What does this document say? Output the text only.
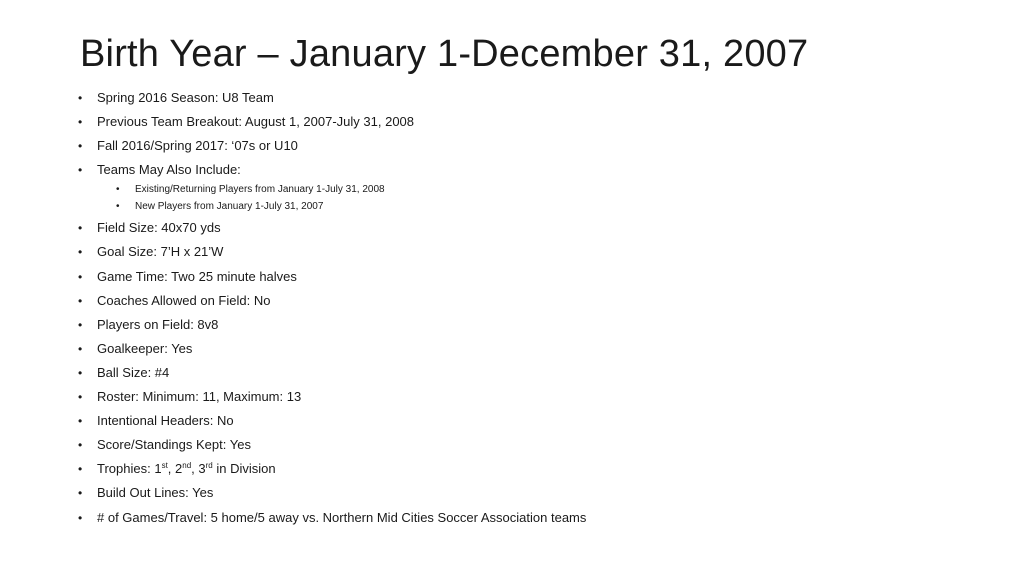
Birth Year – January 1-December 31, 2007
• Spring 2016 Season: U8 Team
• Previous Team Breakout: August 1, 2007-July 31, 2008
• Fall 2016/Spring 2017: ‘07s or U10
• Teams May Also Include:
• Existing/Returning Players from January 1-July 31, 2008
• New Players from January 1-July 31, 2007
• Field Size: 40x70 yds
• Goal Size: 7’H x 21’W
• Game Time: Two 25 minute halves
• Coaches Allowed on Field: No
• Players on Field: 8v8
• Goalkeeper: Yes
• Ball Size: #4
• Roster: Minimum: 11, Maximum: 13
• Intentional Headers: No
• Score/Standings Kept: Yes
• Trophies: 1st, 2nd, 3rd in Division
• Build Out Lines: Yes
• # of Games/Travel: 5 home/5 away vs. Northern Mid Cities Soccer Association teams
